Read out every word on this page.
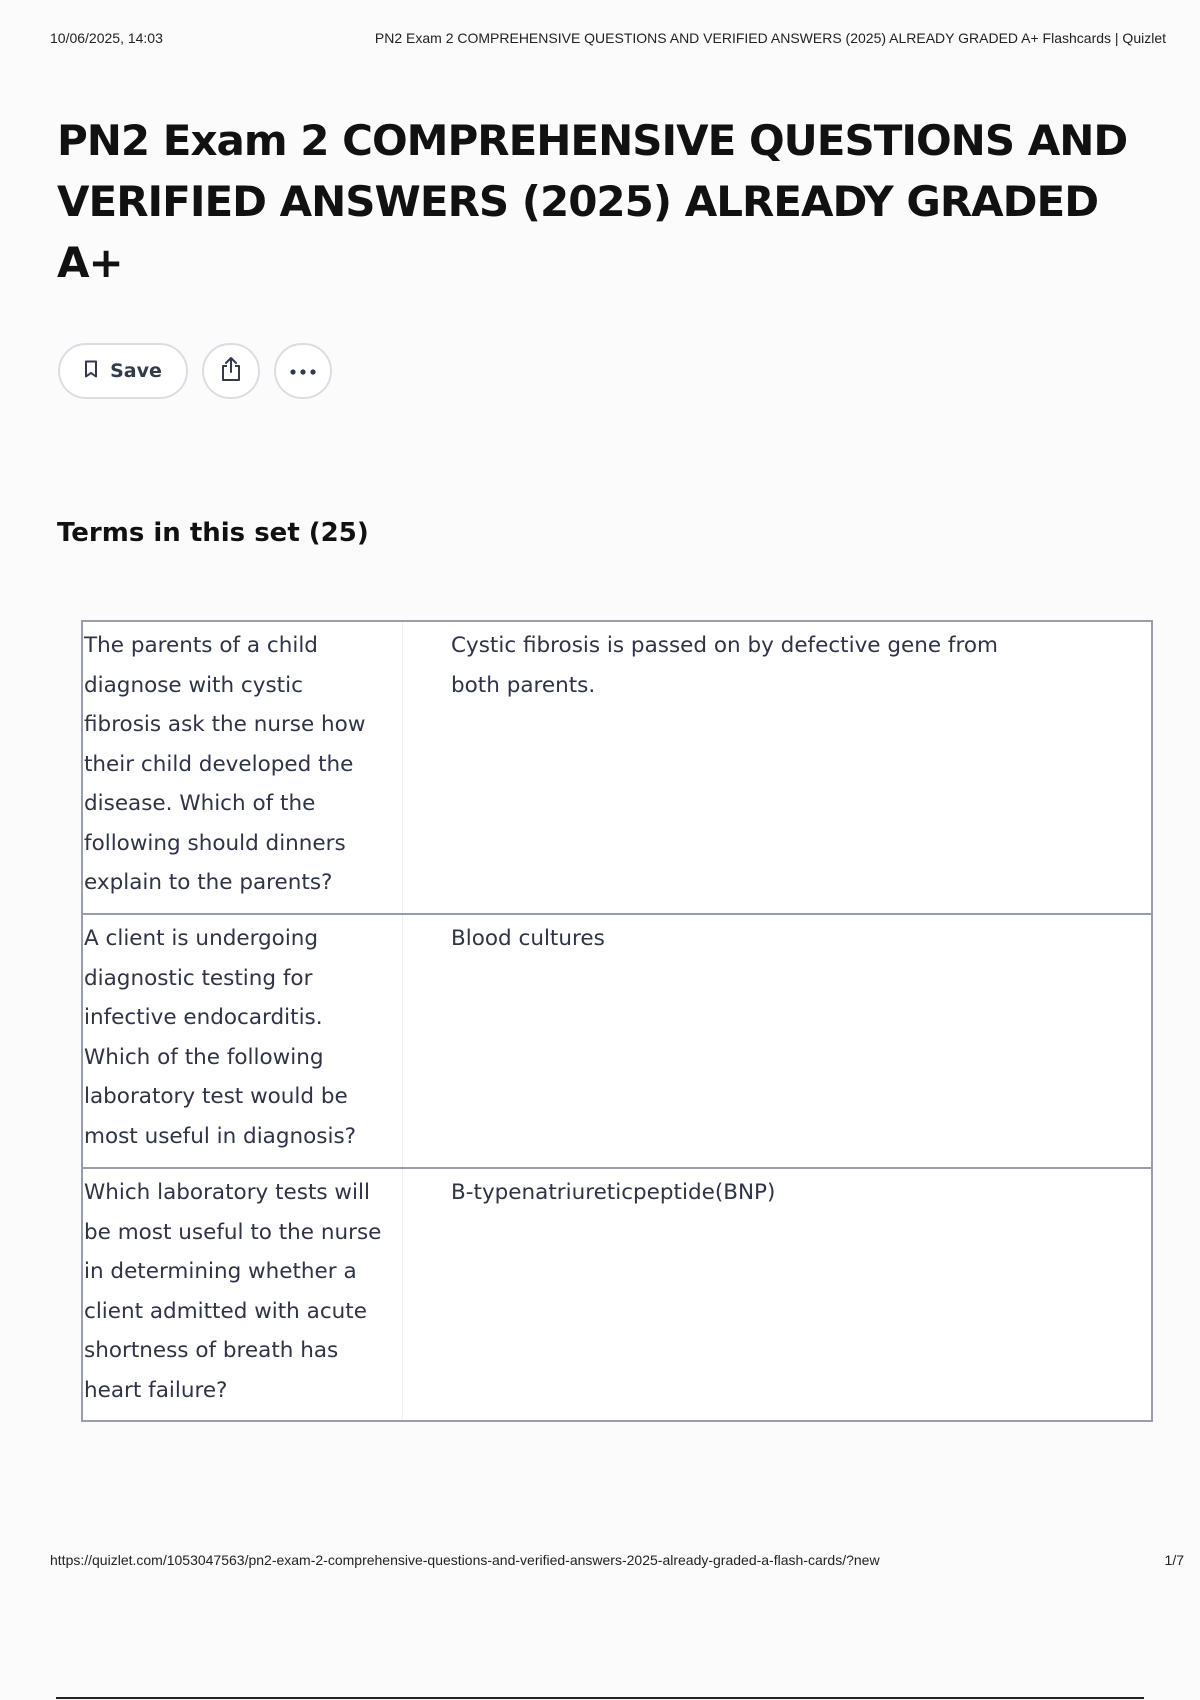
10/06/2025, 14:03	PN2 Exam 2 COMPREHENSIVE QUESTIONS AND VERIFIED ANSWERS (2025) ALREADY GRADED A+ Flashcards | Quizlet
PN2 Exam 2 COMPREHENSIVE QUESTIONS AND VERIFIED ANSWERS (2025) ALREADY GRADED A+
Save
Terms in this set (25)
The parents of a child diagnose with cystic fibrosis ask the nurse how their child developed the disease. Which of the following should dinners explain to the parents?
Cystic fibrosis is passed on by defective gene from both parents.
A client is undergoing diagnostic testing for infective endocarditis. Which of the following laboratory test would be most useful in diagnosis?
Blood cultures
Which laboratory tests will be most useful to the nurse in determining whether a client admitted with acute shortness of breath has heart failure?
B-typenatriureticpeptide(BNP)
https://quizlet.com/1053047563/pn2-exam-2-comprehensive-questions-and-verified-answers-2025-already-graded-a-flash-cards/?new	1/7
